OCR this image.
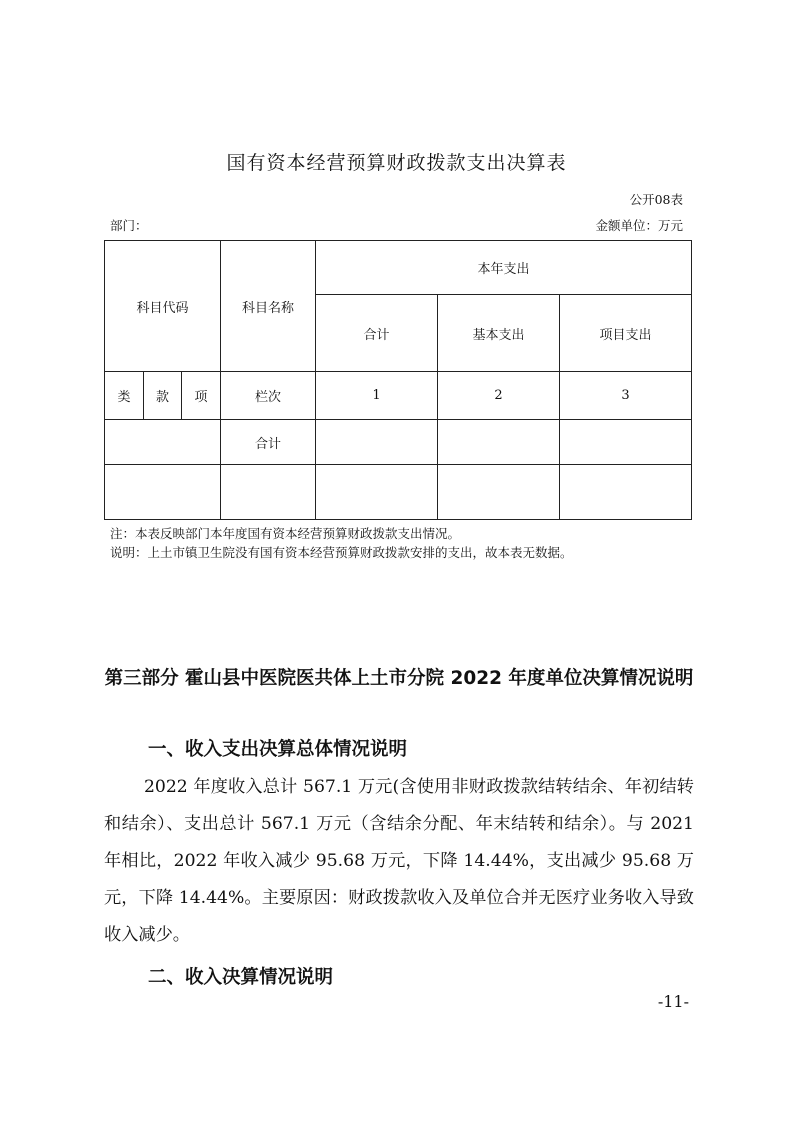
国有资本经营预算财政拨款支出决算表
公开08表
部门：	金额单位：万元
科目代码			科目名称	本年支出		
				合计	基本支出	项目支出
类	款	项	栏次	1	2	3
			合计			

注：本表反映部门本年度国有资本经营预算财政拨款支出情况。
说明：上土市镇卫生院没有国有资本经营预算财政拨款安排的支出，故本表无数据。
第三部分 霍山县中医院医共体上土市分院 2022 年度单位决算情况说明
一、收入支出决算总体情况说明
2022 年度收入总计 567.1 万元(含使用非财政拨款结转结余、年初结转和结余）、支出总计 567.1 万元（含结余分配、年末结转和结余）。与 2021 年相比，2022 年收入减少 95.68 万元，下降 14.44%，支出减少 95.68 万元，下降 14.44%。主要原因：财政拨款收入及单位合并无医疗业务收入导致收入减少。
二、收入决算情况说明
-11-
